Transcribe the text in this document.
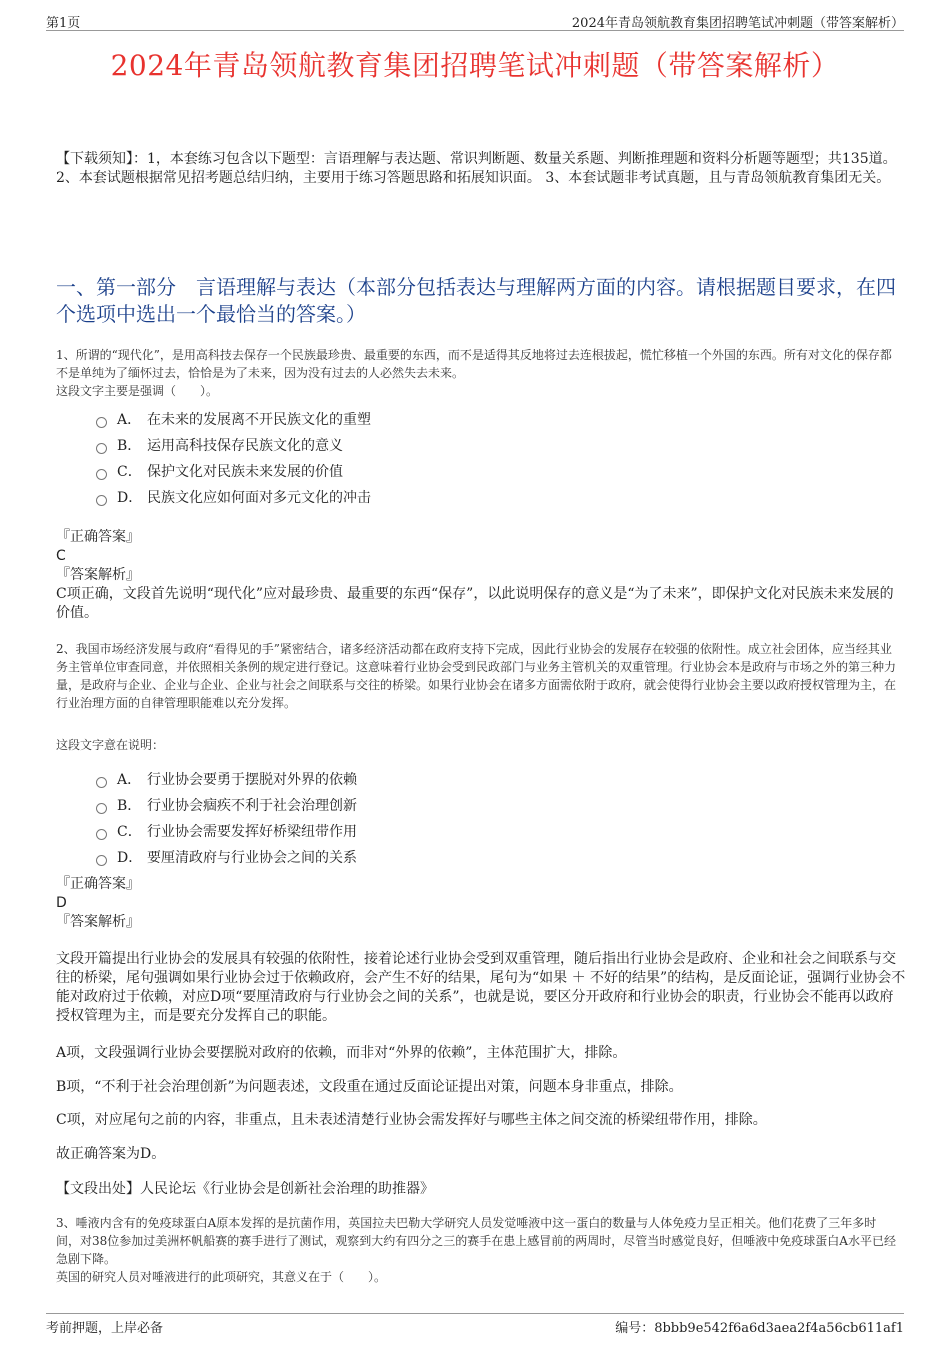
第1页	2024年青岛领航教育集团招聘笔试冲刺题（带答案解析）
2024年青岛领航教育集团招聘笔试冲刺题（带答案解析）
【下载须知】：1，本套练习包含以下题型：言语理解与表达题、常识判断题、数量关系题、判断推理题和资料分析题等题型；共135道。 2、本套试题根据常见招考题总结归纳，主要用于练习答题思路和拓展知识面。 3、本套试题非考试真题，且与青岛领航教育集团无关。
一、第一部分　言语理解与表达（本部分包括表达与理解两方面的内容。请根据题目要求，在四个选项中选出一个最恰当的答案。）
1、所谓的“现代化”，是用高科技去保存一个民族最珍贵、最重要的东西，而不是适得其反地将过去连根拔起，慌忙移植一个外国的东西。所有对文化的保存都不是单纯为了缅怀过去，恰恰是为了未来，因为没有过去的人必然失去未来。
这段文字主要是强调（　　）。
A． 在未来的发展离不开民族文化的重塑
B． 运用高科技保存民族文化的意义
C． 保护文化对民族未来发展的价值
D． 民族文化应如何面对多元文化的冲击
『正确答案』
C
『答案解析』
C项正确，文段首先说明“现代化”应对最珍贵、最重要的东西“保存”，以此说明保存的意义是“为了未来”，即保护文化对民族未来发展的价值。
2、我国市场经济发展与政府“看得见的手”紧密结合，诸多经济活动都在政府支持下完成，因此行业协会的发展存在较强的依附性。成立社会团体，应当经其业务主管单位审查同意，并依照相关条例的规定进行登记。这意味着行业协会受到民政部门与业务主管机关的双重管理。行业协会本是政府与市场之外的第三种力量，是政府与企业、企业与企业、企业与社会之间联系与交往的桥梁。如果行业协会在诸多方面需依附于政府，就会使得行业协会主要以政府授权管理为主，在行业治理方面的自律管理职能难以充分发挥。
这段文字意在说明：
A． 行业协会要勇于摆脱对外界的依赖
B． 行业协会痼疾不利于社会治理创新
C． 行业协会需要发挥好桥梁纽带作用
D． 要厘清政府与行业协会之间的关系
『正确答案』
D
『答案解析』
文段开篇提出行业协会的发展具有较强的依附性，接着论述行业协会受到双重管理，随后指出行业协会是政府、企业和社会之间联系与交往的桥梁，尾句强调如果行业协会过于依赖政府，会产生不好的结果，尾句为“如果 ＋ 不好的结果”的结构，是反面论证，强调行业协会不能对政府过于依赖，对应D项“要厘清政府与行业协会之间的关系”，也就是说，要区分开政府和行业协会的职责，行业协会不能再以政府授权管理为主，而是要充分发挥自己的职能。
A项，文段强调行业协会要摆脱对政府的依赖，而非对“外界的依赖”，主体范围扩大，排除。
B项，“不利于社会治理创新”为问题表述，文段重在通过反面论证提出对策，问题本身非重点，排除。
C项，对应尾句之前的内容，非重点，且未表述清楚行业协会需发挥好与哪些主体之间交流的桥梁纽带作用，排除。
故正确答案为D。
【文段出处】人民论坛《行业协会是创新社会治理的助推器》
3、唾液内含有的免疫球蛋白A原本发挥的是抗菌作用，英国拉夫巴勒大学研究人员发觉唾液中这一蛋白的数量与人体免疫力呈正相关。他们花费了三年多时间，对38位参加过美洲杯帆船赛的赛手进行了测试，观察到大约有四分之三的赛手在患上感冒前的两周时，尽管当时感觉良好，但唾液中免疫球蛋白A水平已经急剧下降。
英国的研究人员对唾液进行的此项研究，其意义在于（　　）。
考前押题，上岸必备	编号：8bbb9e542f6a6d3aea2f4a56cb611af1
